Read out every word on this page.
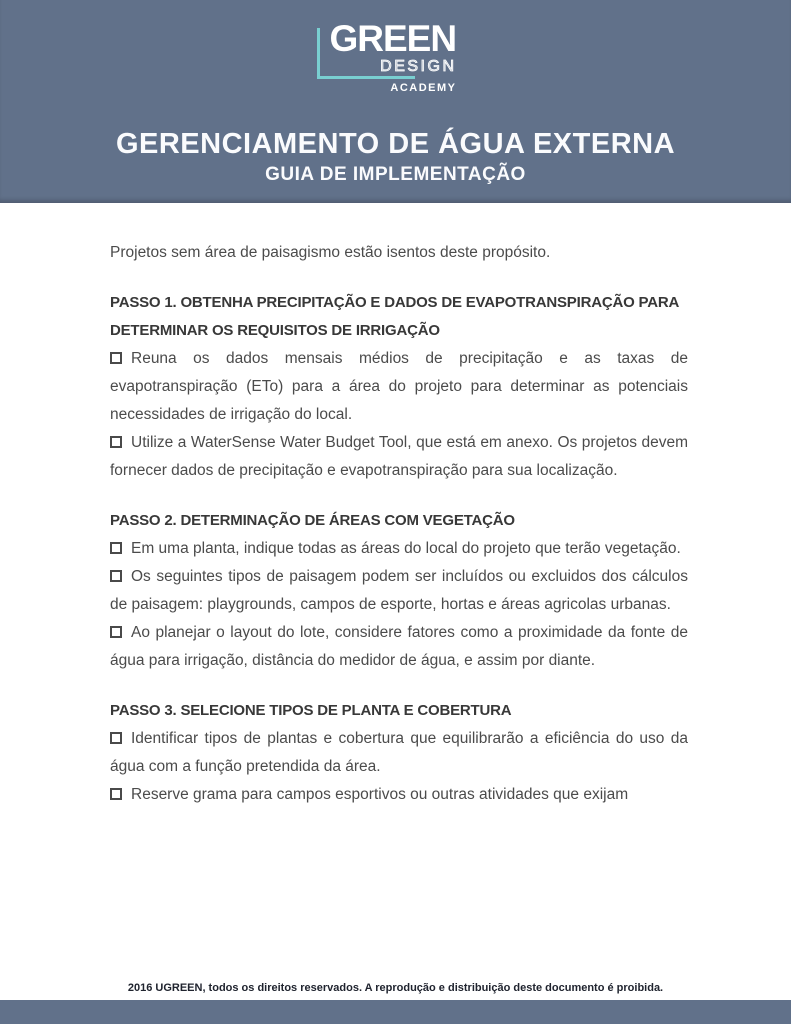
GREEN
DESIGN
ACADEMY
GERENCIAMENTO DE ÁGUA EXTERNA
GUIA DE IMPLEMENTAÇÃO

Projetos sem área de paisagismo estão isentos deste propósito.

PASSO 1. OBTENHA PRECIPITAÇÃO E DADOS DE EVAPOTRANSPIRAÇÃO PARA DETERMINAR OS REQUISITOS DE IRRIGAÇÃO

Reuna os dados mensais médios de precipitação e as taxas de evapotranspiração (ETo) para a área do projeto para determinar as potenciais necessidades de irrigação do local.

Utilize a WaterSense Water Budget Tool, que está em anexo. Os projetos devem fornecer dados de precipitação e evapotranspiração para sua localização.

PASSO 2. DETERMINAÇÃO DE ÁREAS COM VEGETAÇÃO

Em uma planta, indique todas as áreas do local do projeto que terão vegetação.

Os seguintes tipos de paisagem podem ser incluídos ou excluidos dos cálculos de paisagem: playgrounds, campos de esporte, hortas e áreas agricolas urbanas.

Ao planejar o layout do lote, considere fatores como a proximidade da fonte de água para irrigação, distância do medidor de água, e assim por diante.

PASSO 3. SELECIONE TIPOS DE PLANTA E COBERTURA

Identificar tipos de plantas e cobertura que equilibrarão a eficiência do uso da água com a função pretendida da área.

Reserve grama para campos esportivos ou outras atividades que exijam

2016 UGREEN, todos os direitos reservados. A reprodução e distribuição deste documento é proibida.
